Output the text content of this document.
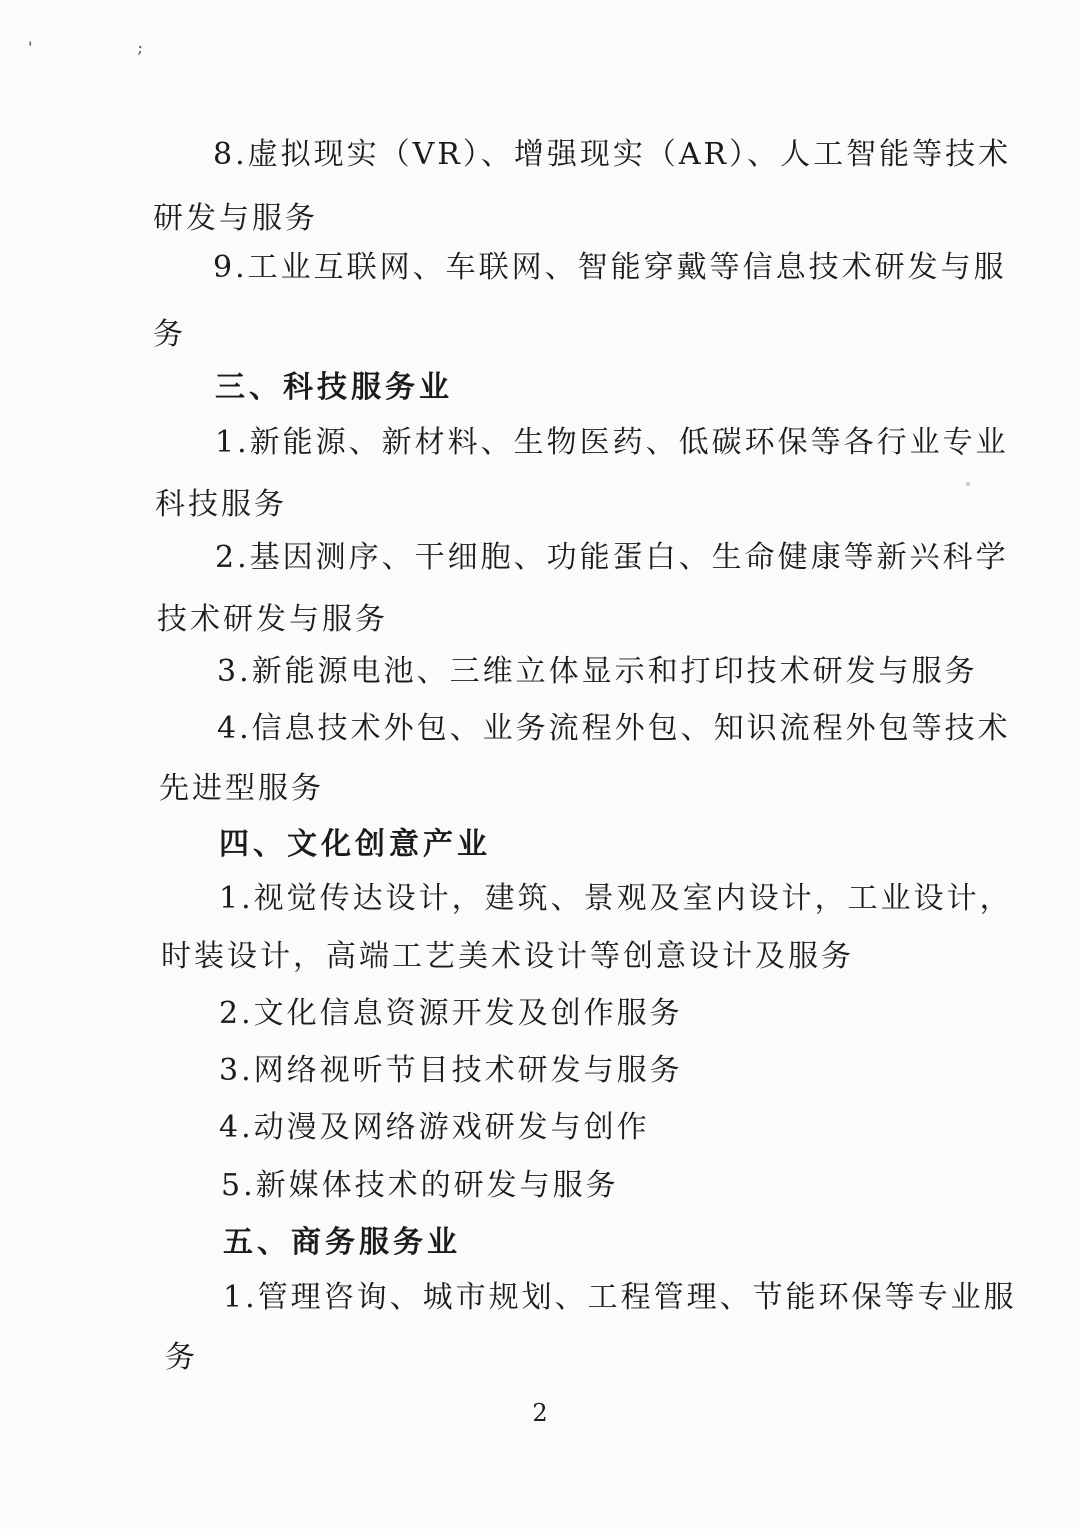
' ;
8.虚拟现实（VR）、增强现实（AR）、人工智能等技术
研发与服务
9.工业互联网、车联网、智能穿戴等信息技术研发与服
务
三、科技服务业
1.新能源、新材料、生物医药、低碳环保等各行业专业
科技服务
2.基因测序、干细胞、功能蛋白、生命健康等新兴科学
技术研发与服务
3.新能源电池、三维立体显示和打印技术研发与服务
4.信息技术外包、业务流程外包、知识流程外包等技术
先进型服务
四、文化创意产业
1.视觉传达设计，建筑、景观及室内设计，工业设计，
时装设计，高端工艺美术设计等创意设计及服务
2.文化信息资源开发及创作服务
3.网络视听节目技术研发与服务
4.动漫及网络游戏研发与创作
5.新媒体技术的研发与服务
五、商务服务业
1.管理咨询、城市规划、工程管理、节能环保等专业服
务
2
